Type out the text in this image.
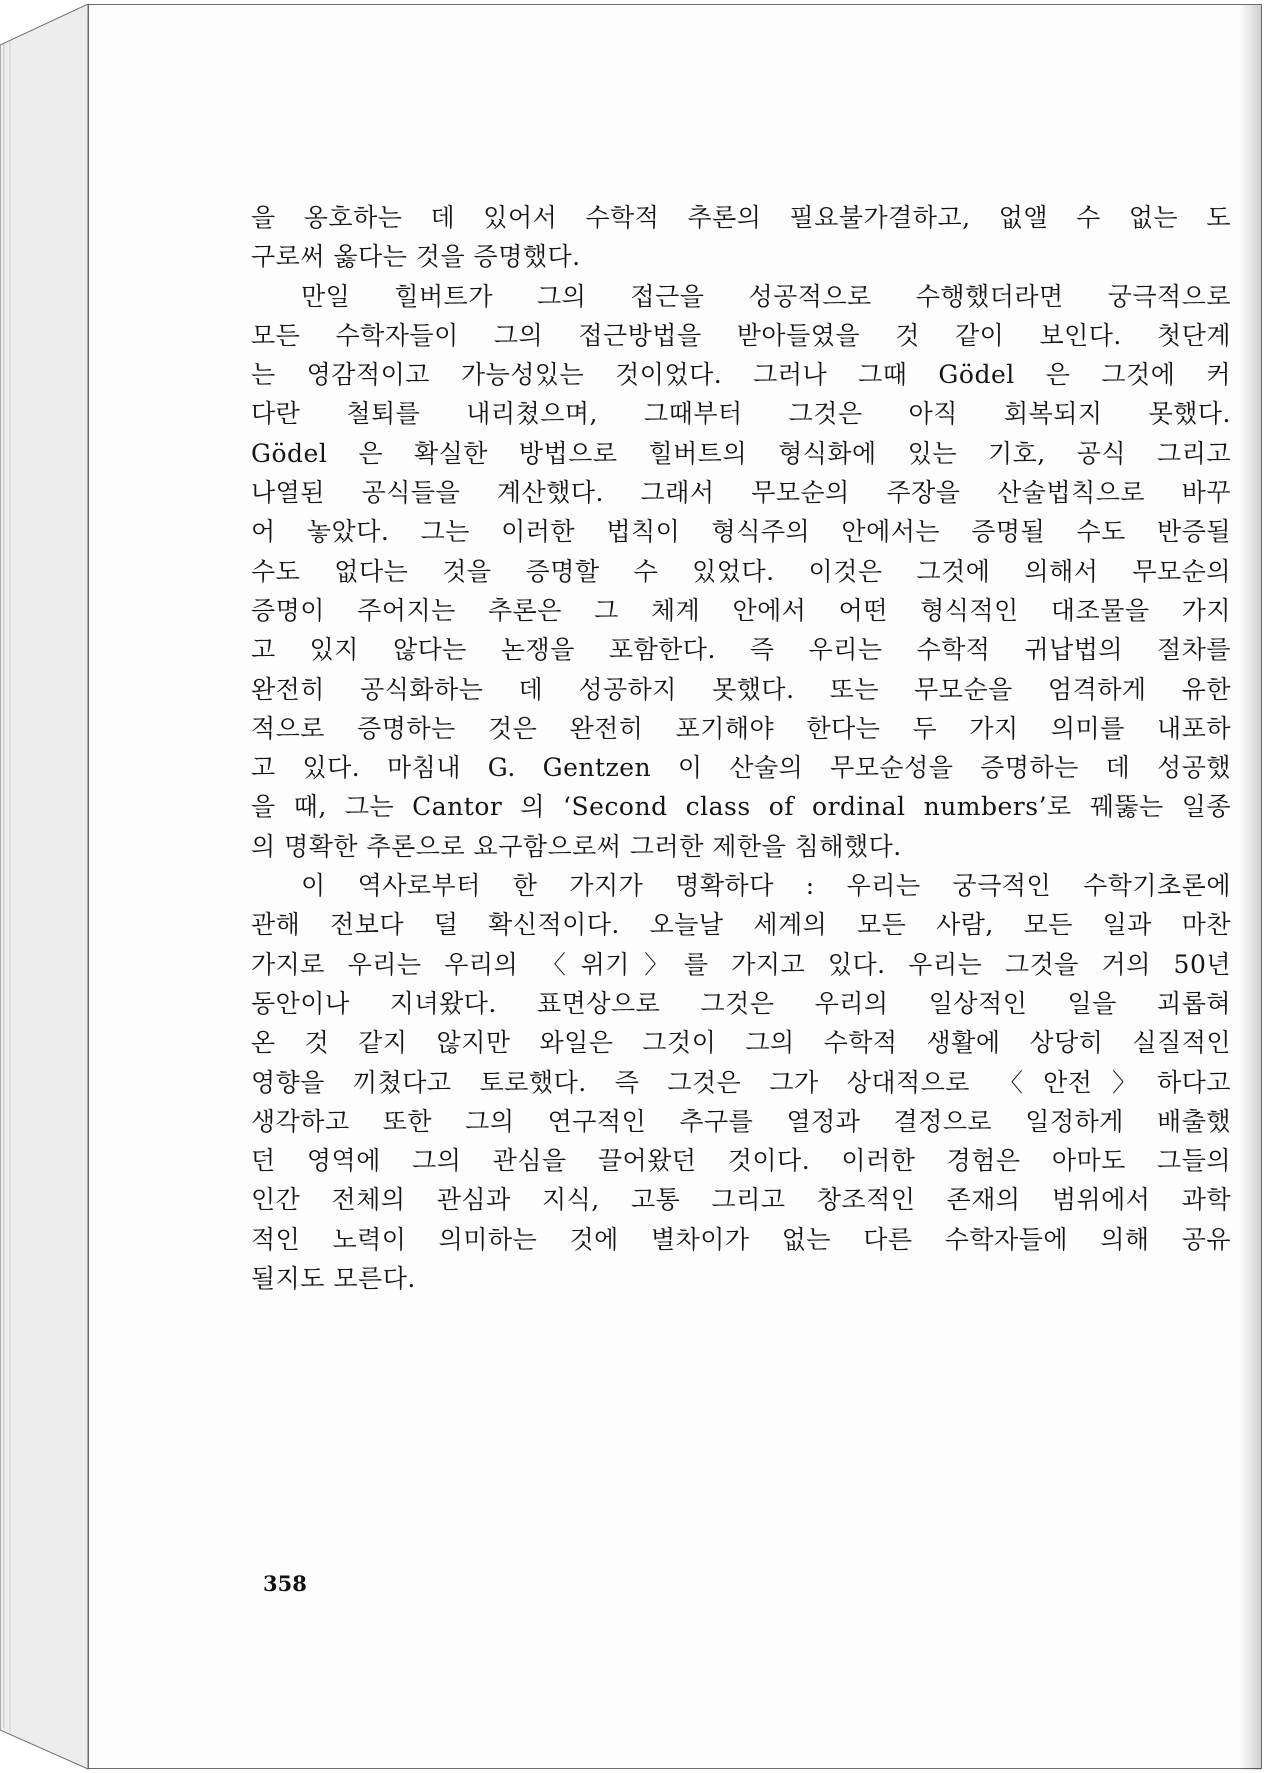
을 옹호하는 데 있어서 수학적 추론의 필요불가결하고, 없앨 수 없는 도
구로써 옳다는 것을 증명했다.
만일 힐버트가 그의 접근을 성공적으로 수행했더라면 궁극적으로
모든 수학자들이 그의 접근방법을 받아들였을 것 같이 보인다. 첫단계
는 영감적이고 가능성있는 것이었다. 그러나 그때 Gödel 은 그것에 커
다란 철퇴를 내리쳤으며, 그때부터 그것은 아직 회복되지 못했다.
Gödel 은 확실한 방법으로 힐버트의 형식화에 있는 기호, 공식 그리고
나열된 공식들을 계산했다. 그래서 무모순의 주장을 산술법칙으로 바꾸
어 놓았다. 그는 이러한 법칙이 형식주의 안에서는 증명될 수도 반증될
수도 없다는 것을 증명할 수 있었다. 이것은 그것에 의해서 무모순의
증명이 주어지는 추론은 그 체계 안에서 어떤 형식적인 대조물을 가지
고 있지 않다는 논쟁을 포함한다. 즉 우리는 수학적 귀납법의 절차를
완전히 공식화하는 데 성공하지 못했다. 또는 무모순을 엄격하게 유한
적으로 증명하는 것은 완전히 포기해야 한다는 두 가지 의미를 내포하
고 있다. 마침내 G. Gentzen 이 산술의 무모순성을 증명하는 데 성공했
을 때, 그는 Cantor 의 ‘Second class of ordinal numbers’로 꿰뚫는 일종
의 명확한 추론으로 요구함으로써 그러한 제한을 침해했다.
이 역사로부터 한 가지가 명확하다 : 우리는 궁극적인 수학기초론에
관해 전보다 덜 확신적이다. 오늘날 세계의 모든 사람, 모든 일과 마찬
가지로 우리는 우리의 〈위기〉를 가지고 있다. 우리는 그것을 거의 50년
동안이나 지녀왔다. 표면상으로 그것은 우리의 일상적인 일을 괴롭혀
온 것 같지 않지만 와일은 그것이 그의 수학적 생활에 상당히 실질적인
영향을 끼쳤다고 토로했다. 즉 그것은 그가 상대적으로 〈안전〉하다고
생각하고 또한 그의 연구적인 추구를 열정과 결정으로 일정하게 배출했
던 영역에 그의 관심을 끌어왔던 것이다. 이러한 경험은 아마도 그들의
인간 전체의 관심과 지식, 고통 그리고 창조적인 존재의 범위에서 과학
적인 노력이 의미하는 것에 별차이가 없는 다른 수학자들에 의해 공유
될지도 모른다.
358
